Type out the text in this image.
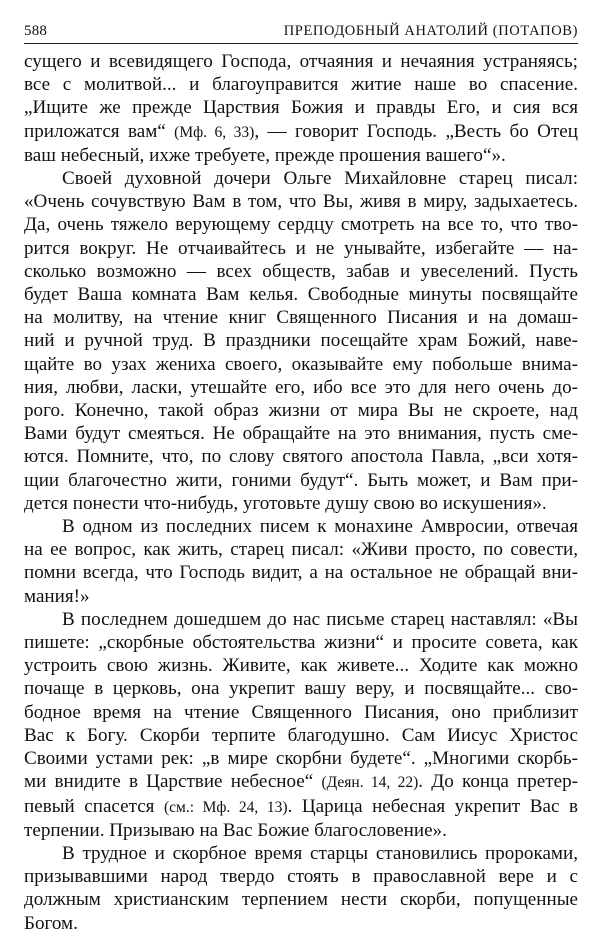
588	ПРЕПОДОБНЫЙ АНАТОЛИЙ (ПОТАПОВ)
сущего и всевидящего Господа, отчаяния и нечаяния устраняясь;
все с молитвой... и благоуправится житие наше во спасение.
„Ищите же прежде Царствия Божия и правды Его, и сия вся
приложатся вам“ (Мф. 6, 33), — говорит Господь. „Весть бо Отец
ваш небесный, ихже требуете, прежде прошения вашего“».
Своей духовной дочери Ольге Михайловне старец писал:
«Очень сочувствую Вам в том, что Вы, живя в миру, задыхаетесь.
Да, очень тяжело верующему сердцу смотреть на все то, что тво-
рится вокруг. Не отчаивайтесь и не унывайте, избегайте — на-
сколько возможно — всех обществ, забав и увеселений. Пусть
будет Ваша комната Вам келья. Свободные минуты посвящайте
на молитву, на чтение книг Священного Писания и на домаш-
ний и ручной труд. В праздники посещайте храм Божий, наве-
щайте во узах жениха своего, оказывайте ему побольше внима-
ния, любви, ласки, утешайте его, ибо все это для него очень до-
рого. Конечно, такой образ жизни от мира Вы не скроете, над
Вами будут смеяться. Не обращайте на это внимания, пусть сме-
ются. Помните, что, по слову святого апостола Павла, „вси хотя-
щии благочестно жити, гоними будут“. Быть может, и Вам при-
дется понести что-нибудь, уготовьте душу свою во искушения».
В одном из последних писем к монахине Амвросии, отвечая
на ее вопрос, как жить, старец писал: «Живи просто, по совести,
помни всегда, что Господь видит, а на остальное не обращай вни-
мания!»
В последнем дошедшем до нас письме старец наставлял: «Вы
пишете: „скорбные обстоятельства жизни“ и просите совета, как
устроить свою жизнь. Живите, как живете... Ходите как можно
почаще в церковь, она укрепит вашу веру, и посвящайте... сво-
бодное время на чтение Священного Писания, оно приблизит
Вас к Богу. Скорби терпите благодушно. Сам Иисус Христос
Своими устами рек: „в мире скорбни будете“. „Многими скорбь-
ми внидите в Царствие небесное“ (Деян. 14, 22). До конца претер-
певый спасется (см.: Мф. 24, 13). Царица небесная укрепит Вас в
терпении. Призываю на Вас Божие благословение».
В трудное и скорбное время старцы становились пророками,
призывавшими народ твердо стоять в православной вере и с
должным христианским терпением нести скорби, попущенные
Богом.
